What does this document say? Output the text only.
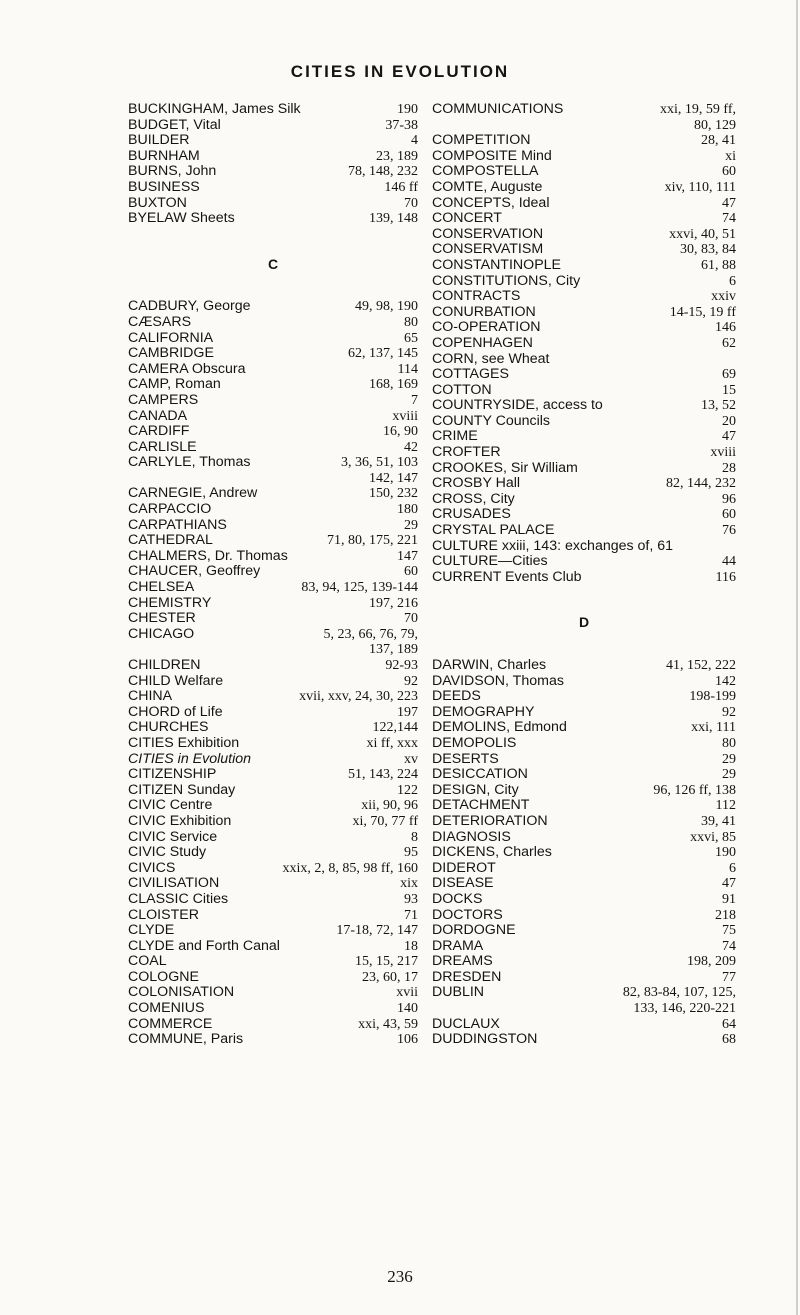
CITIES IN EVOLUTION
BUCKINGHAM, James Silk	190
BUDGET, Vital	37-38
BUILDER	4
BURNHAM	23, 189
BURNS, John	78, 148, 232
BUSINESS	146 ff
BUXTON	70
BYELAW Sheets	139, 148
C
CADBURY, George	49, 98, 190
CÆSARS	80
CALIFORNIA	65
CAMBRIDGE	62, 137, 145
CAMERA Obscura	114
CAMP, Roman	168, 169
CAMPERS	7
CANADA	xviii
CARDIFF	16, 90
CARLISLE	42
CARLYLE, Thomas	3, 36, 51, 103
142, 147
CARNEGIE, Andrew	150, 232
CARPACCIO	180
CARPATHIANS	29
CATHEDRAL	71, 80, 175, 221
CHALMERS, Dr. Thomas	147
CHAUCER, Geoffrey	60
CHELSEA	83, 94, 125, 139-144
CHEMISTRY	197, 216
CHESTER	70
CHICAGO	5, 23, 66, 76, 79,
137, 189
CHILDREN	92-93
CHILD Welfare	92
CHINA	xvii, xxv, 24, 30, 223
CHORD of Life	197
CHURCHES	122,144
CITIES Exhibition	xi ff, xxx
CITIES in Evolution	xv
CITIZENSHIP	51, 143, 224
CITIZEN Sunday	122
CIVIC Centre	xii, 90, 96
CIVIC Exhibition	xi, 70, 77 ff
CIVIC Service	8
CIVIC Study	95
CIVICS	xxix, 2, 8, 85, 98 ff, 160
CIVILISATION	xix
CLASSIC Cities	93
CLOISTER	71
CLYDE	17-18, 72, 147
CLYDE and Forth Canal	18
COAL	15, 15, 217
COLOGNE	23, 60, 17
COLONISATION	xvii
COMENIUS	140
COMMERCE	xxi, 43, 59
COMMUNE, Paris	106
COMMUNICATIONS	xxi, 19, 59 ff,
80, 129
COMPETITION	28, 41
COMPOSITE Mind	xi
COMPOSTELLA	60
COMTE, Auguste	xiv, 110, 111
CONCEPTS, Ideal	47
CONCERT	74
CONSERVATION	xxvi, 40, 51
CONSERVATISM	30, 83, 84
CONSTANTINOPLE	61, 88
CONSTITUTIONS, City	6
CONTRACTS	xxiv
CONURBATION	14-15, 19 ff
CO-OPERATION	146
COPENHAGEN	62
CORN, see Wheat
COTTAGES	69
COTTON	15
COUNTRYSIDE, access to	13, 52
COUNTY Councils	20
CRIME	47
CROFTER	xviii
CROOKES, Sir William	28
CROSBY Hall	82, 144, 232
CROSS, City	96
CRUSADES	60
CRYSTAL PALACE	76
CULTURE xxiii, 143: exchanges of, 61
CULTURE—Cities	44
CURRENT Events Club	116
D
DARWIN, Charles	41, 152, 222
DAVIDSON, Thomas	142
DEEDS	198-199
DEMOGRAPHY	92
DEMOLINS, Edmond	xxi, 111
DEMOPOLIS	80
DESERTS	29
DESICCATION	29
DESIGN, City	96, 126 ff, 138
DETACHMENT	112
DETERIORATION	39, 41
DIAGNOSIS	xxvi, 85
DICKENS, Charles	190
DIDEROT	6
DISEASE	47
DOCKS	91
DOCTORS	218
DORDOGNE	75
DRAMA	74
DREAMS	198, 209
DRESDEN	77
DUBLIN	82, 83-84, 107, 125,
133, 146, 220-221
DUCLAUX	64
DUDDINGSTON	68
236
